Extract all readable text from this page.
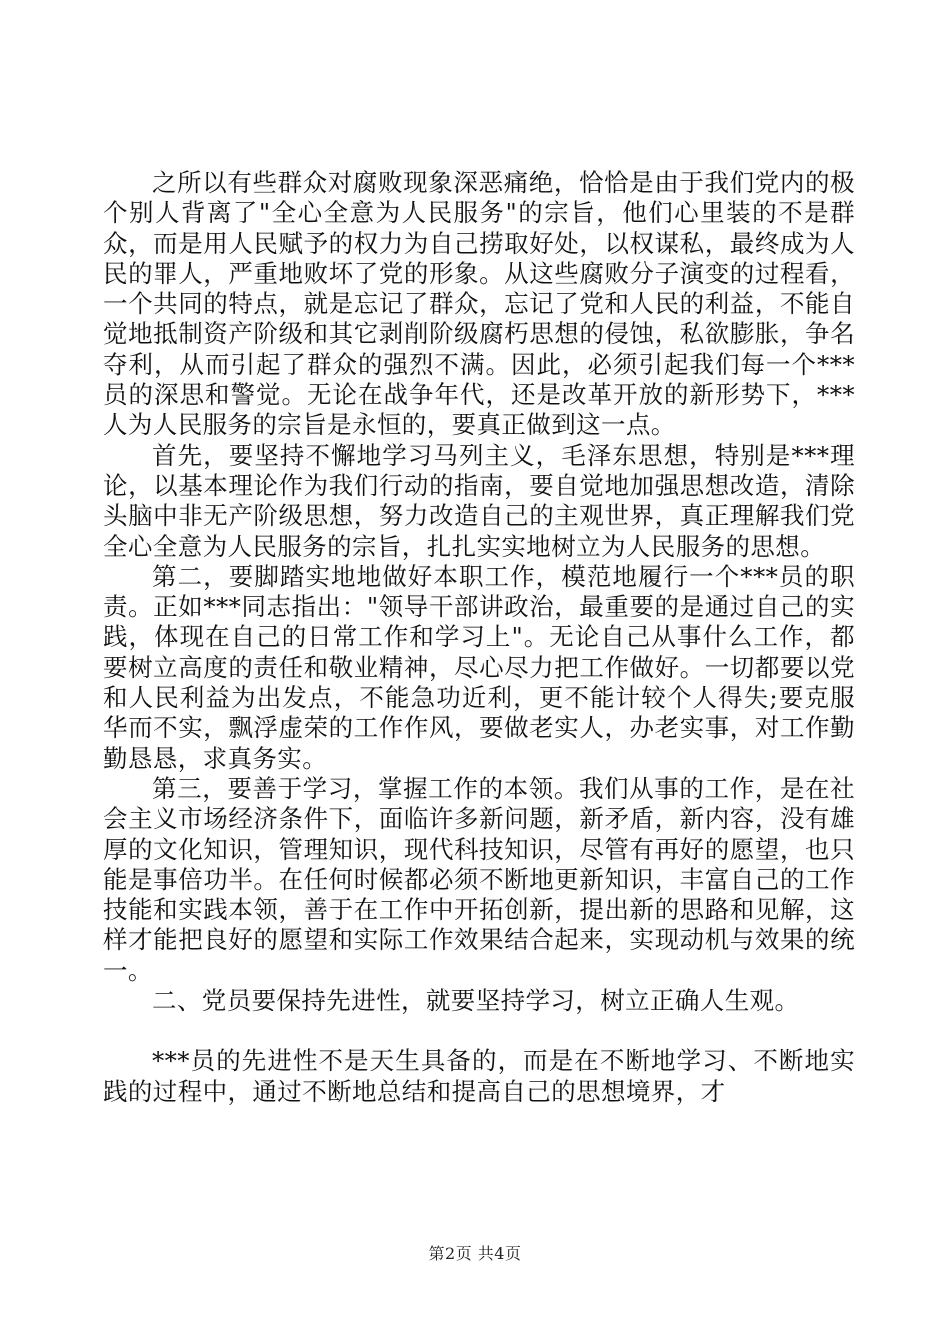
之所以有些群众对腐败现象深恶痛绝，恰恰是由于我们党内的极个别人背离了"全心全意为人民服务"的宗旨，他们心里装的不是群众，而是用人民赋予的权力为自己捞取好处，以权谋私，最终成为人民的罪人，严重地败坏了党的形象。从这些腐败分子演变的过程看，一个共同的特点，就是忘记了群众，忘记了党和人民的利益，不能自觉地抵制资产阶级和其它剥削阶级腐朽思想的侵蚀，私欲膨胀，争名夺利，从而引起了群众的强烈不满。因此，必须引起我们每一个***员的深思和警觉。无论在战争年代，还是改革开放的新形势下，***人为人民服务的宗旨是永恒的，要真正做到这一点。

首先，要坚持不懈地学习马列主义，毛泽东思想，特别是***理论，以基本理论作为我们行动的指南，要自觉地加强思想改造，清除头脑中非无产阶级思想，努力改造自己的主观世界，真正理解我们党全心全意为人民服务的宗旨，扎扎实实地树立为人民服务的思想。

第二，要脚踏实地地做好本职工作，模范地履行一个***员的职责。正如***同志指出："领导干部讲政治，最重要的是通过自己的实践，体现在自己的日常工作和学习上"。无论自己从事什么工作，都要树立高度的责任和敬业精神，尽心尽力把工作做好。一切都要以党和人民利益为出发点，不能急功近利，更不能计较个人得失;要克服华而不实，飘浮虚荣的工作作风，要做老实人，办老实事，对工作勤勤恳恳，求真务实。

第三，要善于学习，掌握工作的本领。我们从事的工作，是在社会主义市场经济条件下，面临许多新问题，新矛盾，新内容，没有雄厚的文化知识，管理知识，现代科技知识，尽管有再好的愿望，也只能是事倍功半。在任何时候都必须不断地更新知识，丰富自己的工作技能和实践本领，善于在工作中开拓创新，提出新的思路和见解，这样才能把良好的愿望和实际工作效果结合起来，实现动机与效果的统一。

二、党员要保持先进性，就要坚持学习，树立正确人生观。

***员的先进性不是天生具备的，而是在不断地学习、不断地实践的过程中，通过不断地总结和提高自己的思想境界，才

第2页 共4页
